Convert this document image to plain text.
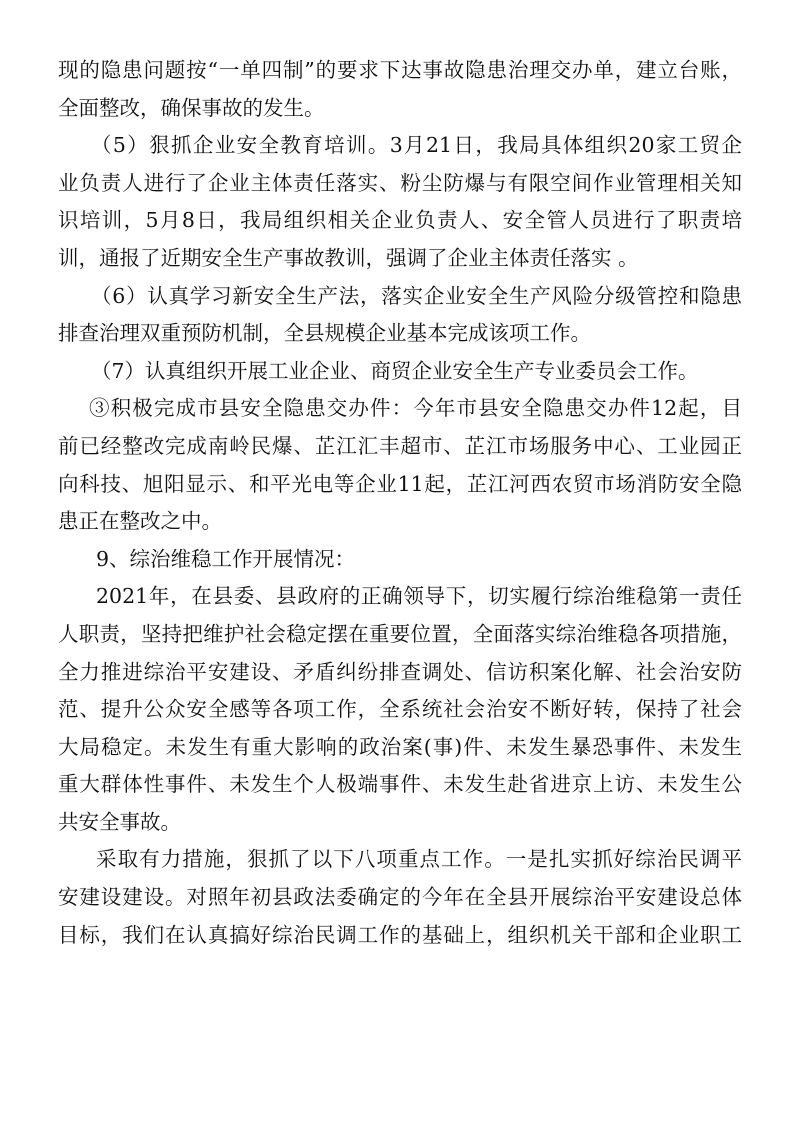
现的隐患问题按“一单四制”的要求下达事故隐患治理交办单，建立台账，
全面整改，确保事故的发生。
（5）狠抓企业安全教育培训。3月21日，我局具体组织20家工贸企
业负责人进行了企业主体责任落实、粉尘防爆与有限空间作业管理相关知
识培训，5月8日，我局组织相关企业负责人、安全管人员进行了职责培
训，通报了近期安全生产事故教训，强调了企业主体责任落实 。
（6）认真学习新安全生产法，落实企业安全生产风险分级管控和隐患
排查治理双重预防机制，全县规模企业基本完成该项工作。
（7）认真组织开展工业企业、商贸企业安全生产专业委员会工作。
③积极完成市县安全隐患交办件：今年市县安全隐患交办件12起，目
前已经整改完成南岭民爆、芷江汇丰超市、芷江市场服务中心、工业园正
向科技、旭阳显示、和平光电等企业11起，芷江河西农贸市场消防安全隐
患正在整改之中。
9、综治维稳工作开展情况：
2021年，在县委、县政府的正确领导下，切实履行综治维稳第一责任
人职责，坚持把维护社会稳定摆在重要位置，全面落实综治维稳各项措施，
全力推进综治平安建设、矛盾纠纷排查调处、信访积案化解、社会治安防
范、提升公众安全感等各项工作，全系统社会治安不断好转，保持了社会
大局稳定。未发生有重大影响的政治案(事)件、未发生暴恐事件、未发生
重大群体性事件、未发生个人极端事件、未发生赴省进京上访、未发生公
共安全事故。
采取有力措施，狠抓了以下八项重点工作。一是扎实抓好综治民调平
安建设建设。对照年初县政法委确定的今年在全县开展综治平安建设总体
目标，我们在认真搞好综治民调工作的基础上，组织机关干部和企业职工
